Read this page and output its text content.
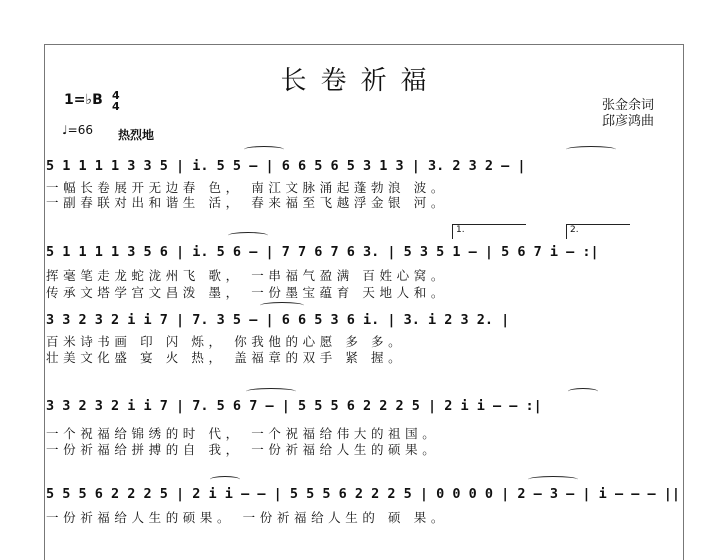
长卷祈福
1=♭B 4
4
♩=66 热烈地
张金余词
邱彦鸿曲
5 1 1 1 1 3 3 5 | i. 5 5 – | 6 6 5 6 5 3 1 3 | 3. 2 3 2 – |
一幅长卷展开无边春 色， 南江文脉涌起蓬勃浪 波。
一副春联对出和谐生 活， 春来福至飞越浮金银 河。
1.	2.
5 1 1 1 1 3 5 6 | i. 5 6 – | 7 7 6 7 6 3. | 5 3 5 1 – | 5 6 7 i – :|
挥毫笔走龙蛇泷州飞 歌， 一串福气盈满 百姓心窝。
传承文塔学宫文昌泼 墨， 一份墨宝蕴育 天地人和。
3 3 2 3 2 i i 7 | 7. 3 5 – | 6 6 5 3 6 i. | 3. i 2 3 2. |
百米诗书画 印 闪 烁， 你我他的心愿 多 多。
壮美文化盛 宴 火 热， 盖福章的双手 紧 握。
3 3 2 3 2 i i 7 | 7. 5 6 7 – | 5 5 5 6 2 2 2 5 | 2 i i – – :|
一个祝福给锦绣的时 代， 一个祝福给伟大的祖国。
一份祈福给拼搏的自 我， 一份祈福给人生的硕果。
5 5 5 6 2 2 2 5 | 2 i i – – | 5 5 5 6 2 2 2 5 | 0 0 0 0 | 2 – 3 – | i – – – ||
一份祈福给人生的硕果。 一份祈福给人生的 硕 果。
